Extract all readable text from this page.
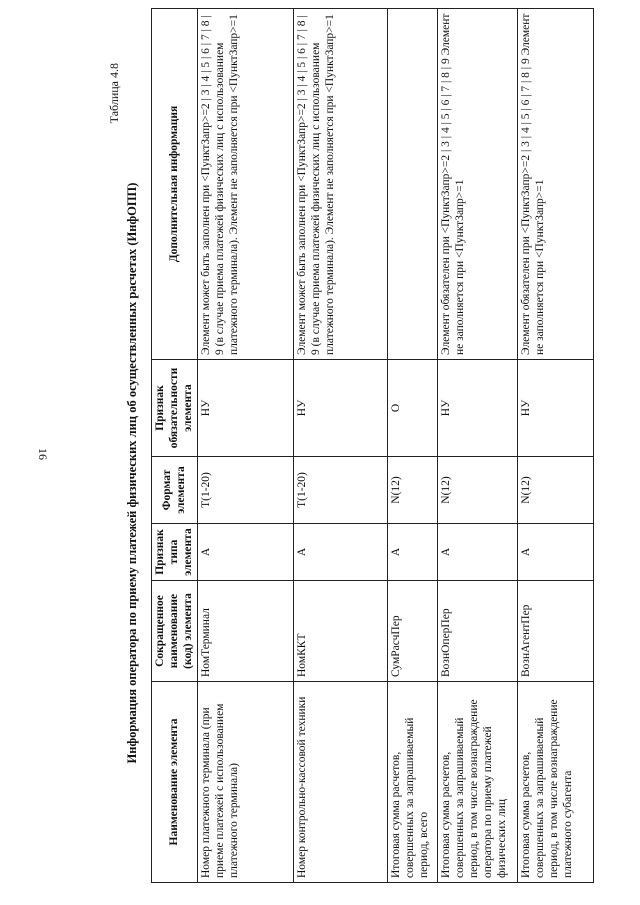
16
Таблица 4.8
Информация оператора по приему платежей физических лиц об осуществленных расчетах (ИнфОПП)
Наименование элемента	Сокращенное наименование (код) элемента	Признак типа элемента	Формат элемента	Признак обязательности элемента	Дополнительная информация
Номер платежного терминала (при приеме платежей с использованием платежного терминала)	НомТерминал	А	T(1-20)	НУ	Элемент может быть заполнен при <ПунктЗапр>=2 | 3 | 4 | 5 | 6 | 7 | 8 | 9 (в случае приема платежей физических лиц с использованием платежного терминала). Элемент не заполняется при <ПунктЗапр>=1
Номер контрольно-кассовой техники	НомККТ	А	T(1-20)	НУ	Элемент может быть заполнен при <ПунктЗапр>=2 | 3 | 4 | 5 | 6 | 7 | 8 | 9 (в случае приема платежей физических лиц с использованием платежного терминала). Элемент не заполняется при <ПунктЗапр>=1
Итоговая сумма расчетов, совершенных за запрашиваемый период, всего	СумРасчПер	А	N(12)	О	
Итоговая сумма расчетов, совершенных за запрашиваемый период, в том числе вознаграждение оператора по приему платежей физических лиц	ВознОперПер	А	N(12)	НУ	Элемент обязателен при <ПунктЗапр>=2 | 3 | 4 | 5 | 6 | 7 | 8 | 9 Элемент не заполняется при <ПунктЗапр>=1
Итоговая сумма расчетов, совершенных за запрашиваемый период, в том числе вознаграждение платежного субагента	ВознАгентПер	А	N(12)	НУ	Элемент обязателен при <ПунктЗапр>=2 | 3 | 4 | 5 | 6 | 7 | 8 | 9 Элемент не заполняется при <ПунктЗапр>=1
